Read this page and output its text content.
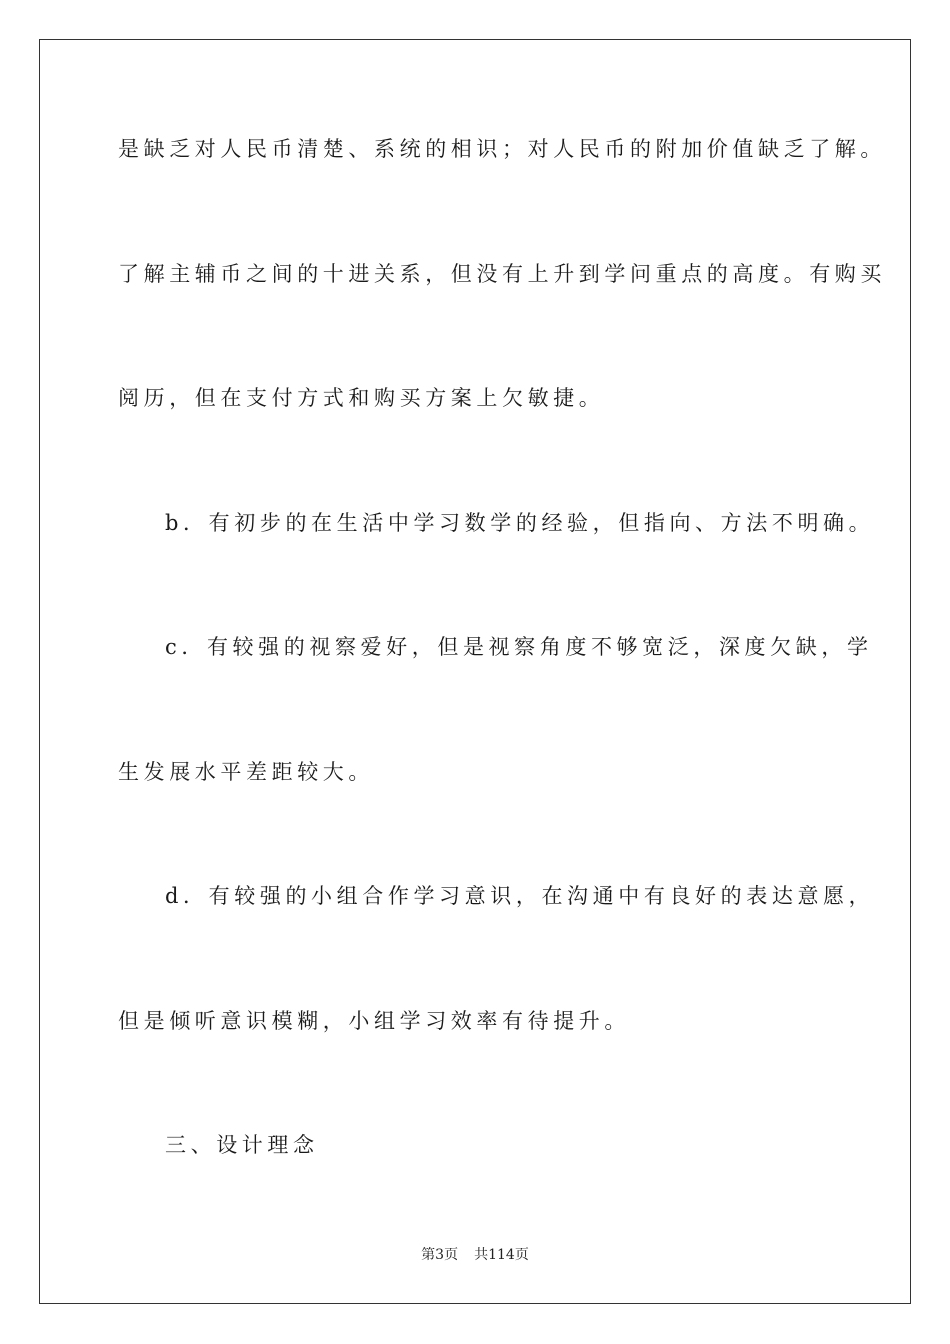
是缺乏对人民币清楚、系统的相识；对人民币的附加价值缺乏了解。
了解主辅币之间的十进关系，但没有上升到学问重点的高度。有购买
阅历，但在支付方式和购买方案上欠敏捷。
b．有初步的在生活中学习数学的经验，但指向、方法不明确。
c．有较强的视察爱好，但是视察角度不够宽泛，深度欠缺，学
生发展水平差距较大。
d．有较强的小组合作学习意识，在沟通中有良好的表达意愿，
但是倾听意识模糊，小组学习效率有待提升。
三、设计理念
第3页 共114页
